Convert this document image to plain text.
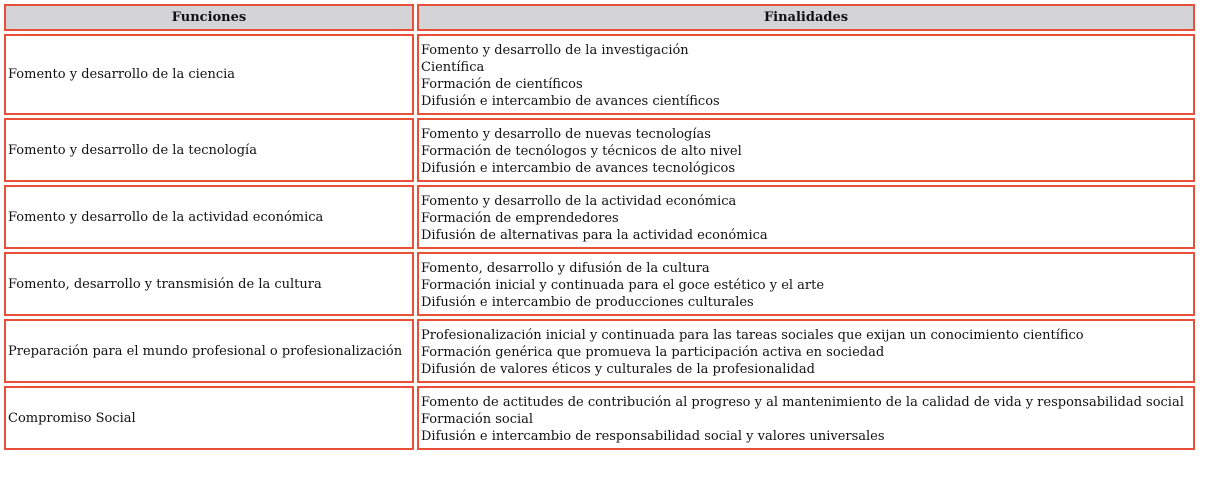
Funciones	Finalidades
Fomento y desarrollo de la ciencia	Fomento y desarrollo de la investigación
Científica
Formación de científicos
Difusión e intercambio de avances científicos

Fomento y desarrollo de la tecnología	Fomento y desarrollo de nuevas tecnologías
Formación de tecnólogos y técnicos de alto nivel
Difusión e intercambio de avances tecnológicos

Fomento y desarrollo de la actividad económica	Fomento y desarrollo de la actividad económica
Formación de emprendedores
Difusión de alternativas para la actividad económica

Fomento, desarrollo y transmisión de la cultura	Fomento, desarrollo y difusión de la cultura
Formación inicial y continuada para el goce estético y el arte
Difusión e intercambio de producciones culturales

Preparación para el mundo profesional o profesionalización	Profesionalización inicial y continuada para las tareas sociales que exijan un conocimiento científico
Formación genérica que promueva la participación activa en sociedad
Difusión de valores éticos y culturales de la profesionalidad

Compromiso Social	Fomento de actitudes de contribución al progreso y al mantenimiento de la calidad de vida y responsabilidad social
Formación social
Difusión e intercambio de responsabilidad social y valores universales
